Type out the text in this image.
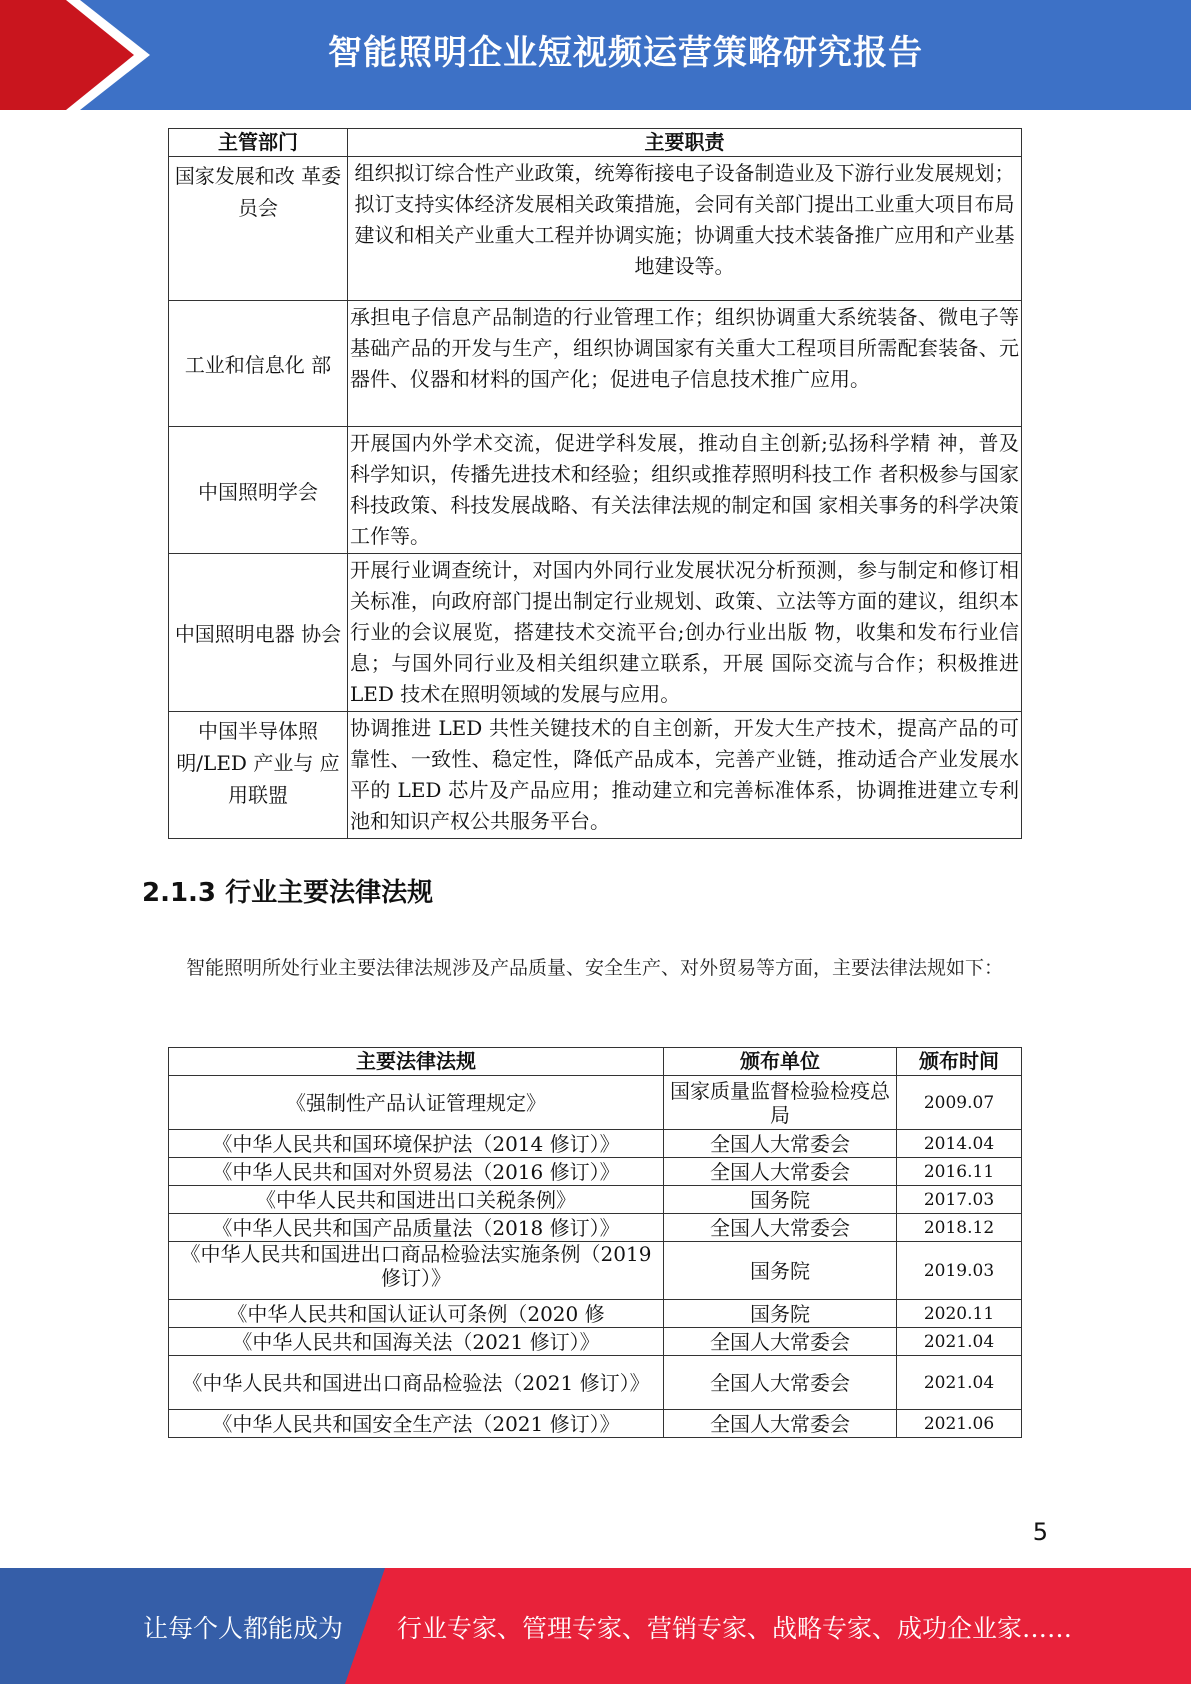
智能照明企业短视频运营策略研究报告
主管部门	主要职责
国家发展和改 革委员会	组织拟订综合性产业政策，统筹衔接电子设备制造业及下游行业发展规划；拟订支持实体经济发展相关政策措施，会同有关部门提出工业重大项目布局建议和相关产业重大工程并协调实施；协调重大技术装备推广应用和产业基地建设等。
工业和信息化 部	承担电子信息产品制造的行业管理工作；组织协调重大系统装备、微电子等基础产品的开发与生产，组织协调国家有关重大工程项目所需配套装备、元器件、仪器和材料的国产化；促进电子信息技术推广应用。
中国照明学会	开展国内外学术交流，促进学科发展，推动自主创新;弘扬科学精 神，普及科学知识，传播先进技术和经验；组织或推荐照明科技工作 者积极参与国家科技政策、科技发展战略、有关法律法规的制定和国 家相关事务的科学决策工作等。
中国照明电器 协会	开展行业调查统计，对国内外同行业发展状况分析预测，参与制定和修订相关标准，向政府部门提出制定行业规划、政策、立法等方面的建议，组织本行业的会议展览，搭建技术交流平台;创办行业出版 物，收集和发布行业信息；与国外同行业及相关组织建立联系，开展 国际交流与合作；积极推进 LED 技术在照明领域的发展与应用。
中国半导体照 明/LED 产业与 应用联盟	协调推进 LED 共性关键技术的自主创新，开发大生产技术，提高产品的可靠性、一致性、稳定性，降低产品成本，完善产业链，推动适合产业发展水平的 LED 芯片及产品应用；推动建立和完善标准体系，协调推进建立专利池和知识产权公共服务平台。
2.1.3 行业主要法律法规
智能照明所处行业主要法律法规涉及产品质量、安全生产、对外贸易等方面，主要法律法规如下：
主要法律法规	颁布单位	颁布时间
《强制性产品认证管理规定》	国家质量监督检验检疫总局	2009.07
《中华人民共和国环境保护法（2014 修订）》	全国人大常委会	2014.04
《中华人民共和国对外贸易法（2016 修订）》	全国人大常委会	2016.11
《中华人民共和国进出口关税条例》	国务院	2017.03
《中华人民共和国产品质量法（2018 修订）》	全国人大常委会	2018.12
《中华人民共和国进出口商品检验法实施条例（2019 修订）》	国务院	2019.03
《中华人民共和国认证认可条例（2020 修	国务院	2020.11
《中华人民共和国海关法（2021 修订）》	全国人大常委会	2021.04
《中华人民共和国进出口商品检验法（2021 修订）》	全国人大常委会	2021.04
《中华人民共和国安全生产法（2021 修订）》	全国人大常委会	2021.06
5
让每个人都能成为 行业专家、管理专家、营销专家、战略专家、成功企业家……
